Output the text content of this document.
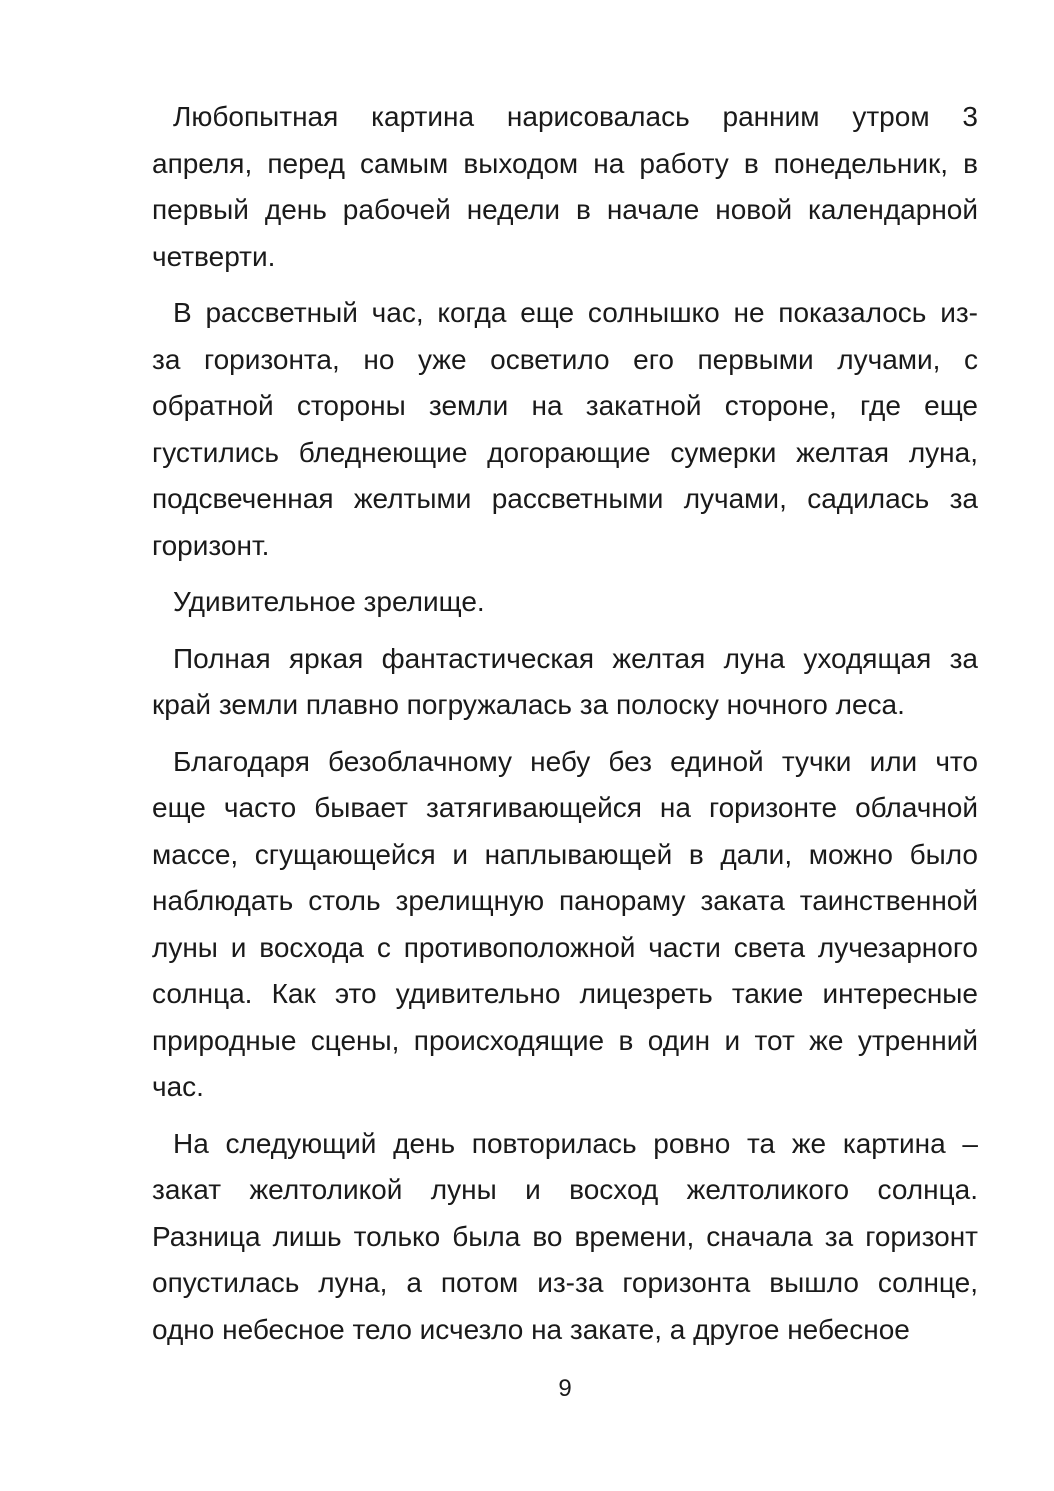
Любопытная картина нарисовалась ранним утром 3
апреля, перед самым выходом на работу в понедельник, в
первый день рабочей недели в начале новой календарной
четверти.
В рассветный час, когда еще солнышко не показалось из-
за горизонта, но уже осветило его первыми лучами, с
обратной стороны земли на закатной стороне, где еще
густились бледнеющие догорающие сумерки желтая луна,
подсвеченная желтыми рассветными лучами, садилась за
горизонт.
Удивительное зрелище.
Полная яркая фантастическая желтая луна уходящая за
край земли плавно погружалась за полоску ночного леса.
Благодаря безоблачному небу без единой тучки или что
еще часто бывает затягивающейся на горизонте облачной
массе, сгущающейся и наплывающей в дали, можно было
наблюдать столь зрелищную панораму заката таинственной
луны и восхода с противоположной части света лучезарного
солнца. Как это удивительно лицезреть такие интересные
природные сцены, происходящие в один и тот же утренний
час.
На следующий день повторилась ровно та же картина –
закат желтоликой луны и восход желтоликого солнца.
Разница лишь только была во времени, сначала за горизонт
опустилась луна, а потом из-за горизонта вышло солнце,
одно небесное тело исчезло на закате, а другое небесное
9
